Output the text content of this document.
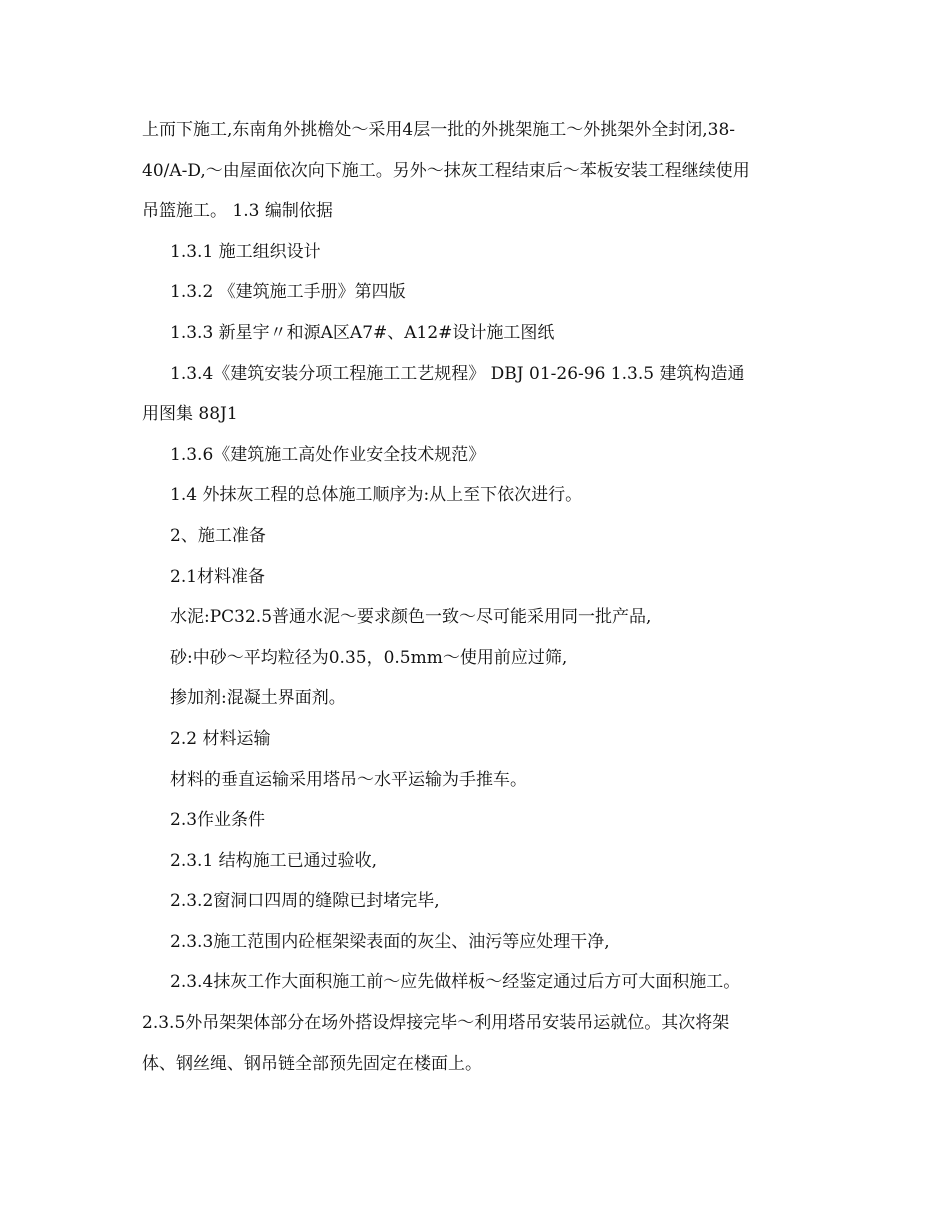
上而下施工,东南角外挑檐处～采用4层一批的外挑架施工～外挑架外全封闭,38-
40/A-D,～由屋面依次向下施工。另外～抹灰工程结束后～苯板安装工程继续使用
吊篮施工。 1.3 编制依据
1.3.1 施工组织设计
1.3.2 《建筑施工手册》第四版
1.3.3 新星宇〃和源A区A7#、A12#设计施工图纸
1.3.4《建筑安装分项工程施工工艺规程》 DBJ 01-26-96 1.3.5 建筑构造通
用图集 88J1
1.3.6《建筑施工高处作业安全技术规范》
1.4 外抹灰工程的总体施工顺序为:从上至下依次进行。
2、施工准备
2.1材料准备
水泥:PC32.5普通水泥～要求颜色一致～尽可能采用同一批产品,
砂:中砂～平均粒径为0.35，0.5mm～使用前应过筛,
掺加剂:混凝土界面剂。
2.2 材料运输
材料的垂直运输采用塔吊～水平运输为手推车。
2.3作业条件
2.3.1 结构施工已通过验收,
2.3.2窗洞口四周的缝隙已封堵完毕,
2.3.3施工范围内砼框架梁表面的灰尘、油污等应处理干净,
2.3.4抹灰工作大面积施工前～应先做样板～经鉴定通过后方可大面积施工。
2.3.5外吊架架体部分在场外搭设焊接完毕～利用塔吊安装吊运就位。其次将架
体、钢丝绳、钢吊链全部预先固定在楼面上。
